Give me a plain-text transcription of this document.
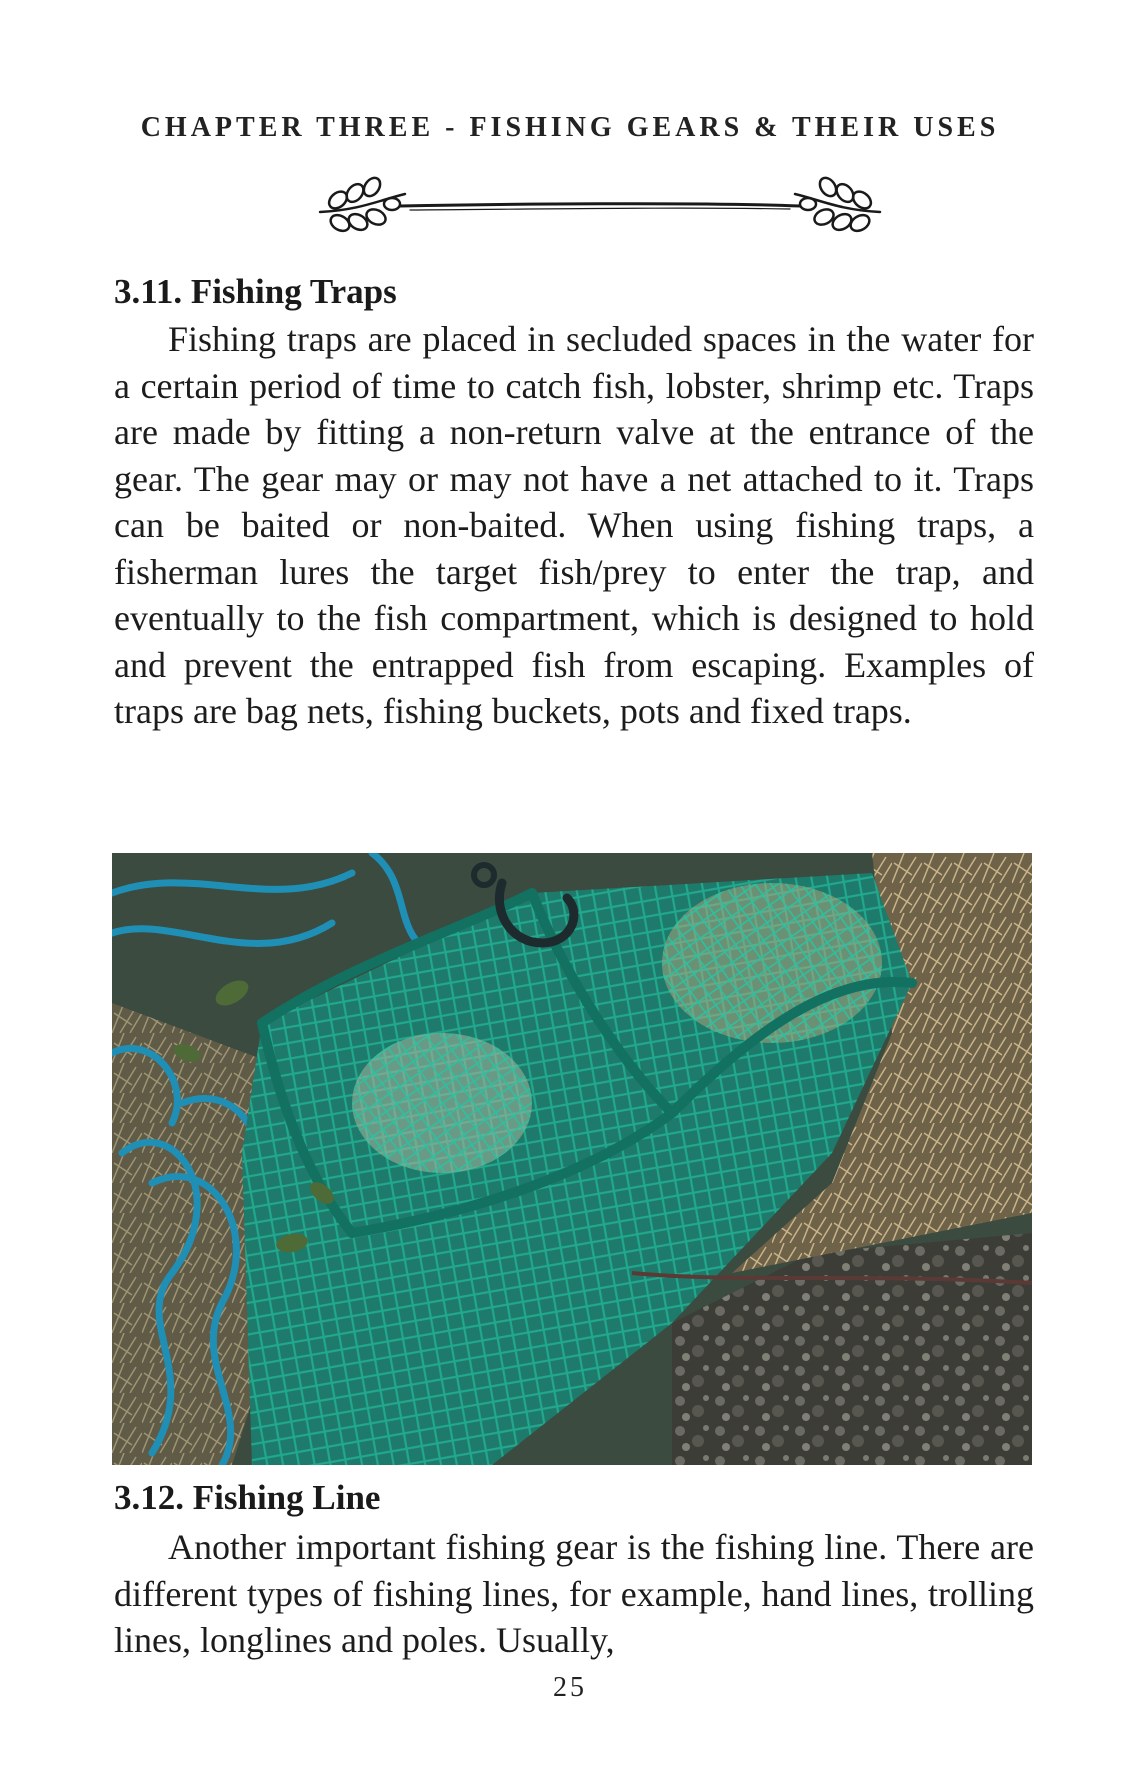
CHAPTER THREE - FISHING GEARS & THEIR USES
3.11. Fishing Traps

Fishing traps are placed in secluded spaces in the water for a certain period of time to catch fish, lobster, shrimp etc. Traps are made by fitting a non-return valve at the entrance of the gear. The gear may or may not have a net attached to it. Traps can be baited or non-baited. When using fishing traps, a fisherman lures the target fish/prey to enter the trap, and eventually to the fish compartment, which is designed to hold and prevent the entrapped fish from escaping. Examples of traps are bag nets, fishing buckets, pots and fixed traps.

3.12. Fishing Line

Another important fishing gear is the fishing line. There are different types of fishing lines, for example, hand lines, trolling lines, longlines and poles. Usually,

25
